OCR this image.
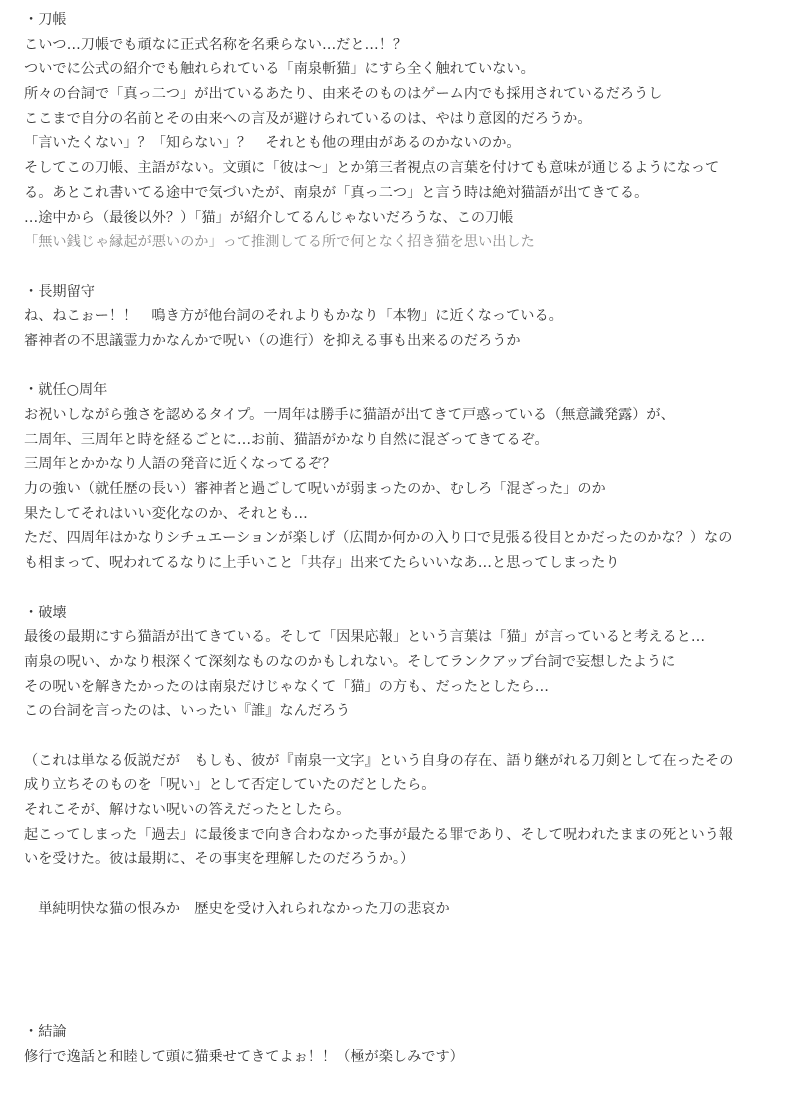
・刀帳
こいつ…刀帳でも頑なに正式名称を名乗らない…だと…！？
ついでに公式の紹介でも触れられている「南泉斬猫」にすら全く触れていない。
所々の台詞で「真っ二つ」が出ているあたり、由来そのものはゲーム内でも採用されているだろうし
ここまで自分の名前とその由来への言及が避けられているのは、やはり意図的だろうか。
「言いたくない」？「知らない」？　それとも他の理由があるのかないのか。
そしてこの刀帳、主語がない。文頭に「彼は～」とか第三者視点の言葉を付けても意味が通じるようになって
る。あとこれ書いてる途中で気づいたが、南泉が「真っ二つ」と言う時は絶対猫語が出てきてる。
…途中から（最後以外？）「猫」が紹介してるんじゃないだろうな、この刀帳
「無い銭じゃ縁起が悪いのか」って推測してる所で何となく招き猫を思い出した
・長期留守
ね、ねこぉー！！　鳴き方が他台詞のそれよりもかなり「本物」に近くなっている。
審神者の不思議霊力かなんかで呪い（の進行）を抑える事も出来るのだろうか
・就任○周年
お祝いしながら強さを認めるタイプ。一周年は勝手に猫語が出てきて戸惑っている（無意識発露）が、
二周年、三周年と時を経るごとに…お前、猫語がかなり自然に混ざってきてるぞ。
三周年とかかなり人語の発音に近くなってるぞ？
力の強い（就任歴の長い）審神者と過ごして呪いが弱まったのか、むしろ「混ざった」のか
果たしてそれはいい変化なのか、それとも…
ただ、四周年はかなりシチュエーションが楽しげ（広間か何かの入り口で見張る役目とかだったのかな？）なの
も相まって、呪われてるなりに上手いこと「共存」出来てたらいいなあ…と思ってしまったり
・破壊
最後の最期にすら猫語が出てきている。そして「因果応報」という言葉は「猫」が言っていると考えると…
南泉の呪い、かなり根深くて深刻なものなのかもしれない。そしてランクアップ台詞で妄想したように
その呪いを解きたかったのは南泉だけじゃなくて「猫」の方も、だったとしたら…
この台詞を言ったのは、いったい『誰』なんだろう
（これは単なる仮説だが　もしも、彼が『南泉一文字』という自身の存在、語り継がれる刀剣として在ったその
成り立ちそのものを「呪い」として否定していたのだとしたら。
それこそが、解けない呪いの答えだったとしたら。
起こってしまった「過去」に最後まで向き合わなかった事が最たる罪であり、そして呪われたままの死という報
いを受けた。彼は最期に、その事実を理解したのだろうか。）
　単純明快な猫の恨みか　歴史を受け入れられなかった刀の悲哀か
・結論
修行で逸話と和睦して頭に猫乗せてきてよぉ！！（極が楽しみです）
